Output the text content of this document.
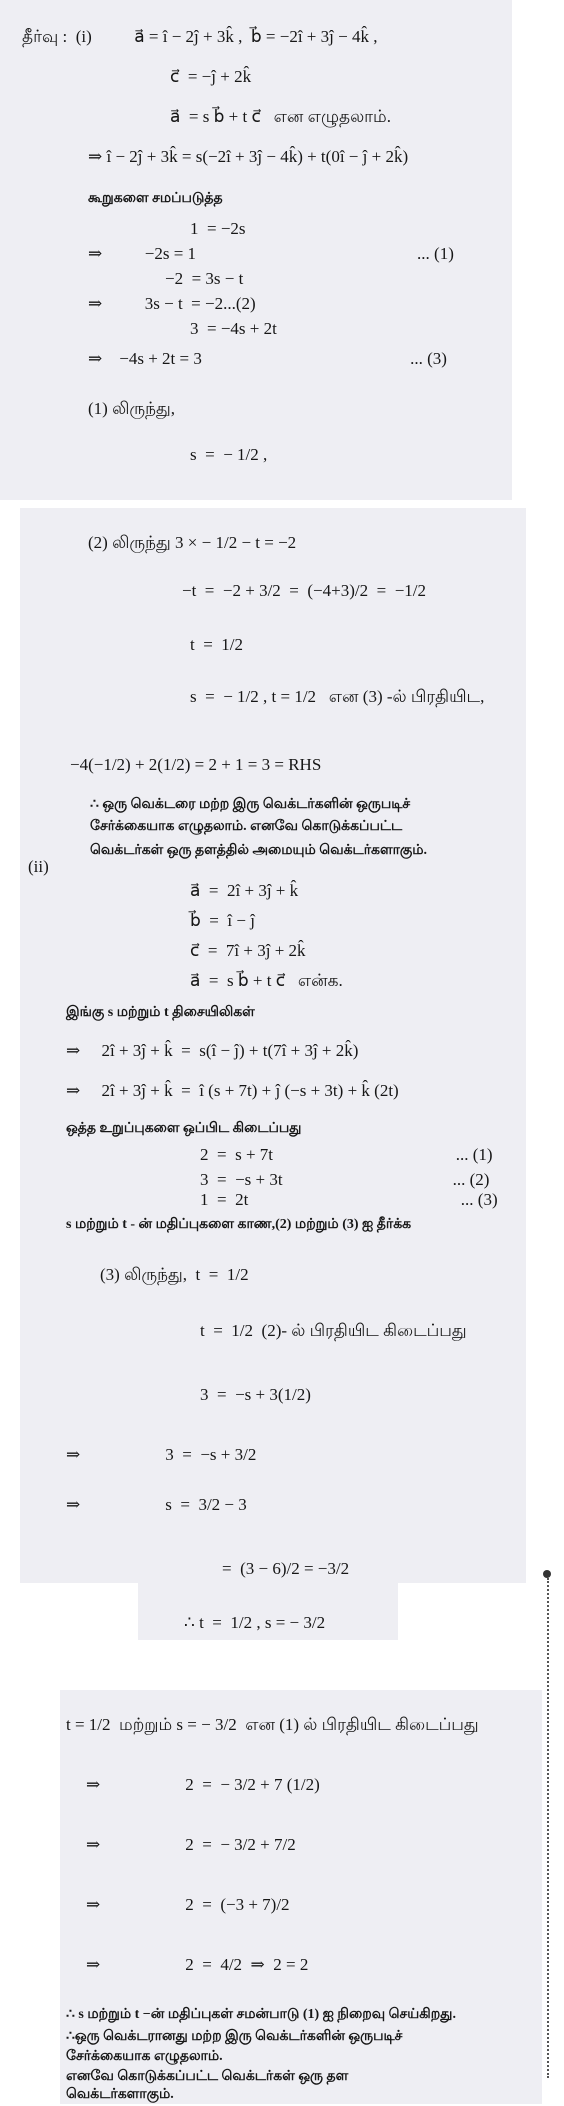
தீர்வு :  (i)          a⃗ = î − 2ĵ + 3k̂ ,  b⃗ = −2î + 3ĵ − 4k̂ ,
c⃗  = −ĵ + 2k̂
a⃗  = s b⃗ + t c⃗   என எழுதலாம்.
⇒ î − 2ĵ + 3k̂ = s(−2î + 3ĵ − 4k̂) + t(0î − ĵ + 2k̂)
கூறுகளை சமப்படுத்த
1  = −2s
⇒          −2s = 1                                                    ... (1)
−2  = 3s − t
⇒          3s − t  = −2...(2)
3  = −4s + 2t
⇒    −4s + 2t = 3                                                 ... (3)
(1) லிருந்து,
s  =  − 1/2 ,
(2) லிருந்து 3 × − 1/2 − t = −2
−t  =  −2 + 3/2  =  (−4+3)/2  =  −1/2
t  =  1/2
s  =  − 1/2 , t = 1/2   என (3) -ல் பிரதியிட,
−4(−1/2) + 2(1/2) = 2 + 1 = 3 = RHS
∴ ஒரு வெக்டரை மற்ற இரு வெக்டர்களின் ஒருபடிச்
சேர்க்கையாக எழுதலாம். எனவே கொடுக்கப்பட்ட
வெக்டர்கள் ஒரு தளத்தில் அமையும் வெக்டர்களாகும்.
(ii)
a⃗  =  2î + 3ĵ + k̂
b⃗  =  î − ĵ
c⃗  =  7î + 3ĵ + 2k̂
a⃗  =  s b⃗ + t c⃗   என்க.
இங்கு s மற்றும் t திசையிலிகள்
⇒     2î + 3ĵ + k̂  =  s(î − ĵ) + t(7î + 3ĵ + 2k̂)
⇒     2î + 3ĵ + k̂  =  î (s + 7t) + ĵ (−s + 3t) + k̂ (2t)
ஒத்த உறுப்புகளை ஒப்பிட கிடைப்பது
2  =  s + 7t                                           ... (1)
3  =  −s + 3t                                        ... (2)
1  =  2t                                                  ... (3)
s மற்றும் t - ன் மதிப்புகளை காண,(2) மற்றும் (3) ஐ தீர்க்க
(3) லிருந்து,  t  =  1/2
t  =  1/2  (2)- ல் பிரதியிட கிடைப்பது
3  =  −s + 3(1/2)
⇒                    3  =  −s + 3/2
⇒                    s  =  3/2 − 3
=  (3 − 6)/2 = −3/2
∴ t  =  1/2 , s = − 3/2
t = 1/2  மற்றும் s = − 3/2  என (1) ல் பிரதியிட கிடைப்பது
⇒                    2  =  − 3/2 + 7 (1/2)
⇒                    2  =  − 3/2 + 7/2
⇒                    2  =  (−3 + 7)/2
⇒                    2  =  4/2  ⇒  2 = 2
∴ s மற்றும் t −ன் மதிப்புகள் சமன்பாடு (1) ஐ நிறைவு செய்கிறது.
∴ஒரு வெக்டரானது மற்ற இரு வெக்டர்களின் ஒருபடிச்
சேர்க்கையாக எழுதலாம்.
எனவே கொடுக்கப்பட்ட வெக்டர்கள் ஒரு தள
வெக்டர்களாகும்.
